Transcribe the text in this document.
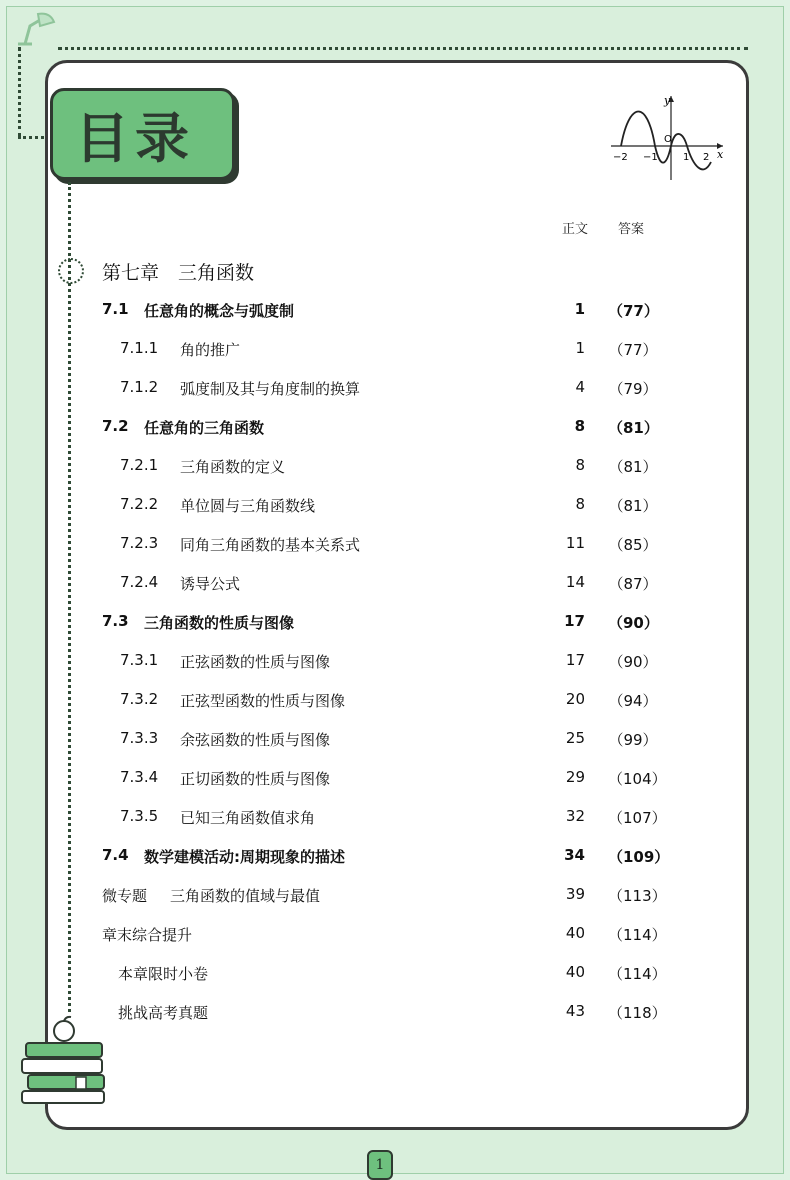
目录
y
x
−2 −1
O
1 2
正文 答案
第七章　三角函数
7.1 任意角的概念与弧度制	1 （77）
7.1.1 角的推广	1 （77）
7.1.2 弧度制及其与角度制的换算	4 （79）
7.2 任意角的三角函数	8 （81）
7.2.1 三角函数的定义	8 （81）
7.2.2 单位圆与三角函数线	8 （81）
7.2.3 同角三角函数的基本关系式	11 （85）
7.2.4 诱导公式	14 （87）
7.3 三角函数的性质与图像	17 （90）
7.3.1 正弦函数的性质与图像	17 （90）
7.3.2 正弦型函数的性质与图像	20 （94）
7.3.3 余弦函数的性质与图像	25 （99）
7.3.4 正切函数的性质与图像	29 （104）
7.3.5 已知三角函数值求角	32 （107）
7.4 数学建模活动:周期现象的描述	34 （109）
微专题 三角函数的值域与最值	39 （113）
章末综合提升	40 （114）
本章限时小卷	40 （114）
挑战高考真题	43 （118）
1
